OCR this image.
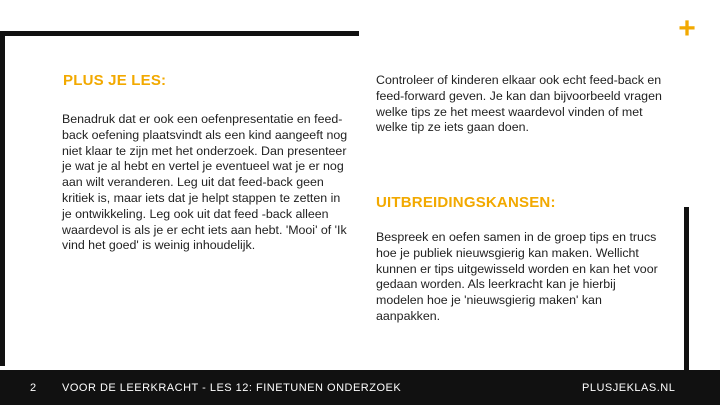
+
PLUS JE LES:

Benadruk dat er ook een oefenpresentatie en feed-back oefening plaatsvindt als een kind aangeeft nog niet klaar te zijn met het onderzoek. Dan presenteer je wat je al hebt en vertel je eventueel wat je er nog aan wilt veranderen. Leg uit dat feed-back geen kritiek is, maar iets dat je helpt stappen te zetten in je ontwikkeling. Leg ook uit dat feed -back alleen waardevol is als je er echt iets aan hebt. 'Mooi' of 'Ik vind het goed' is weinig inhoudelijk.

Controleer of kinderen elkaar ook echt feed-back en feed-forward geven. Je kan dan bijvoorbeeld vragen welke tips ze het meest waardevol vinden of met welke tip ze iets gaan doen.

UITBREIDINGSKANSEN:

Bespreek en oefen samen in de groep tips en trucs hoe je publiek nieuwsgierig kan maken. Wellicht kunnen er tips uitgewisseld worden en kan het voor gedaan worden. Als leerkracht kan je hierbij modelen hoe je 'nieuwsgierig maken' kan aanpakken.

2 VOOR DE LEERKRACHT - LES 12: FINETUNEN ONDERZOEK	PLUSJEKLAS.NL
